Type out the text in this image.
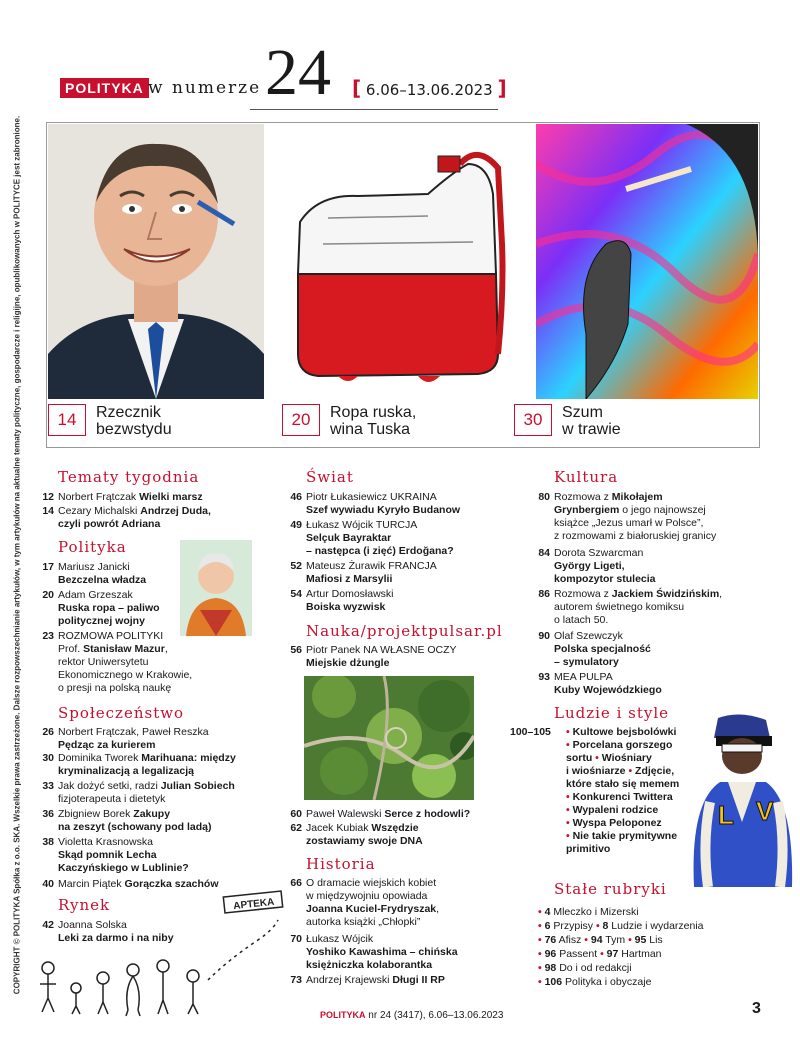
POLITYKA w numerze 24 [ 6.06–13.06.2023 ]
COPYRIGHT © POLITYKA Spółka z o.o. SKA. Wszelkie prawa zastrzeżone. Dalsze rozpowszechnianie artykułów, w tym artykułów na aktualne tematy polityczne, gospodarcze i religijne, opublikowanych w POLITYCE jest zabronione.	14	Rzecznik
bezwstydu
20	Ropa ruska,
wina Tuska
30	Szum
w trawie
Tematy tygodnia
12 Norbert Frątczak Wielki marsz
14 Cezary Michalski Andrzej Duda,
czyli powrót Adriana
Polityka
17 Mariusz Janicki
Bezczelna władza
20 Adam Grzeszak
Ruska ropa – paliwo
politycznej wojny
23 ROZMOWA POLITYKI
Prof. Stanisław Mazur,
rektor Uniwersytetu
Ekonomicznego w Krakowie,
o presji na polską naukę
Społeczeństwo
26 Norbert Frątczak, Paweł Reszka
Pędząc za kurierem
30 Dominika Tworek Marihuana: między
kryminalizacją a legalizacją
33 Jak dożyć setki, radzi Julian Sobiech
fizjoterapeuta i dietetyk
36 Zbigniew Borek Zakupy
na zeszyt (schowany pod ladą)
38 Violetta Krasnowska
Skąd pomnik Lecha
Kaczyńskiego w Lublinie?
40 Marcin Piątek Gorączka szachów
Rynek
42 Joanna Solska
Leki za darmo i na niby
APTEKA
Świat
46 Piotr Łukasiewicz UKRAINA
Szef wywiadu Kyryło Budanow
49 Łukasz Wójcik TURCJA
Selçuk Bayraktar
– następca (i zięć) Erdoğana?
52 Mateusz Żurawik FRANCJA
Mafiosi z Marsylii
54 Artur Domosławski
Boiska wyzwisk
Nauka/projektpulsar.pl
56 Piotr Panek NA WŁASNE OCZY
Miejskie dżungle
60 Paweł Walewski Serce z hodowli?
62 Jacek Kubiak Wszędzie
zostawiamy swoje DNA
Historia
66 O dramacie wiejskich kobiet
w międzywojniu opowiada
Joanna Kuciel-Frydryszak,
autorka książki „Chłopki”
70 Łukasz Wójcik
Yoshiko Kawashima – chińska
księżniczka kolaborantka
73 Andrzej Krajewski Długi II RP
Kultura
80 Rozmowa z Mikołajem
Grynbergiem o jego najnowszej
książce „Jezus umarł w Polsce”,
z rozmowami z białoruskiej granicy
84 Dorota Szwarcman
György Ligeti,
kompozytor stulecia
86 Rozmowa z Jackiem Świdzińskim,
autorem świetnego komiksu
o latach 50.
90 Olaf Szewczyk
Polska specjalność
– symulatory
93 MEA PULPA
Kuby Wojewódzkiego
Ludzie i style
100–105 • Kultowe bejsbolówki
• Porcelana gorszego
sortu • Wiośniary
i wiośniarze • Zdjęcie,
które stało się memem
• Konkurenci Twittera
• Wypaleni rodzice
• Wyspa Peloponez
• Nie takie prymitywne
primitivo
L V
Stałe rubryki
• 4 Mleczko i Mizerski
• 6 Przypisy • 8 Ludzie i wydarzenia
• 76 Afisz • 94 Tym • 95 Lis
• 96 Passent • 97 Hartman
• 98 Do i od redakcji
• 106 Polityka i obyczaje
POLITYKA nr 24 (3417), 6.06–13.06.2023	3
